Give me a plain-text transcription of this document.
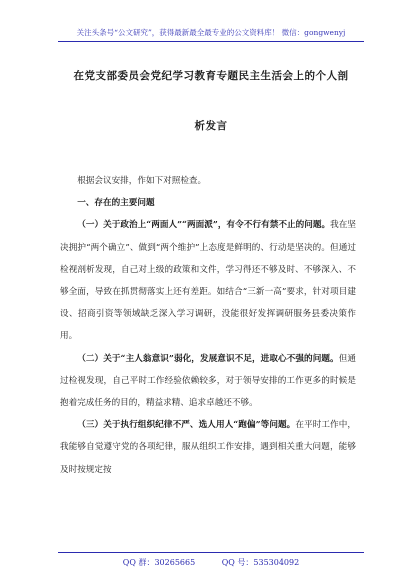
关注头条号“公文研究”，获得最新最全最专业的公文资料库！ 微信：gongwenyj
在党支部委员会党纪学习教育专题民主生活会上的个人剖
析发言

根据会议安排，作如下对照检查。

一、存在的主要问题

（一）关于政治上“两面人”“两面派”，有令不行有禁不止的问题。我在坚决拥护“两个确立”、做到“两个维护”上态度是鲜明的、行动是坚决的。但通过检视剖析发现，自己对上级的政策和文件，学习得还不够及时、不够深入、不够全面，导致在抓贯彻落实上还有差距。如结合“三新一高”要求，针对项目建设、招商引资等领域缺乏深入学习调研，没能很好发挥调研服务县委决策作用。

（二）关于“主人翁意识”弱化，发展意识不足，进取心不强的问题。但通过检视发现，自己平时工作经验依赖较多，对于领导安排的工作更多的时候是抱着完成任务的目的，精益求精、追求卓越还不够。

（三）关于执行组织纪律不严、选人用人“跑偏”等问题。在平时工作中，我能够自觉遵守党的各项纪律，服从组织工作安排，遇到相关重大问题，能够及时按规定按

QQ 群：30265665	QQ 号：535304092
